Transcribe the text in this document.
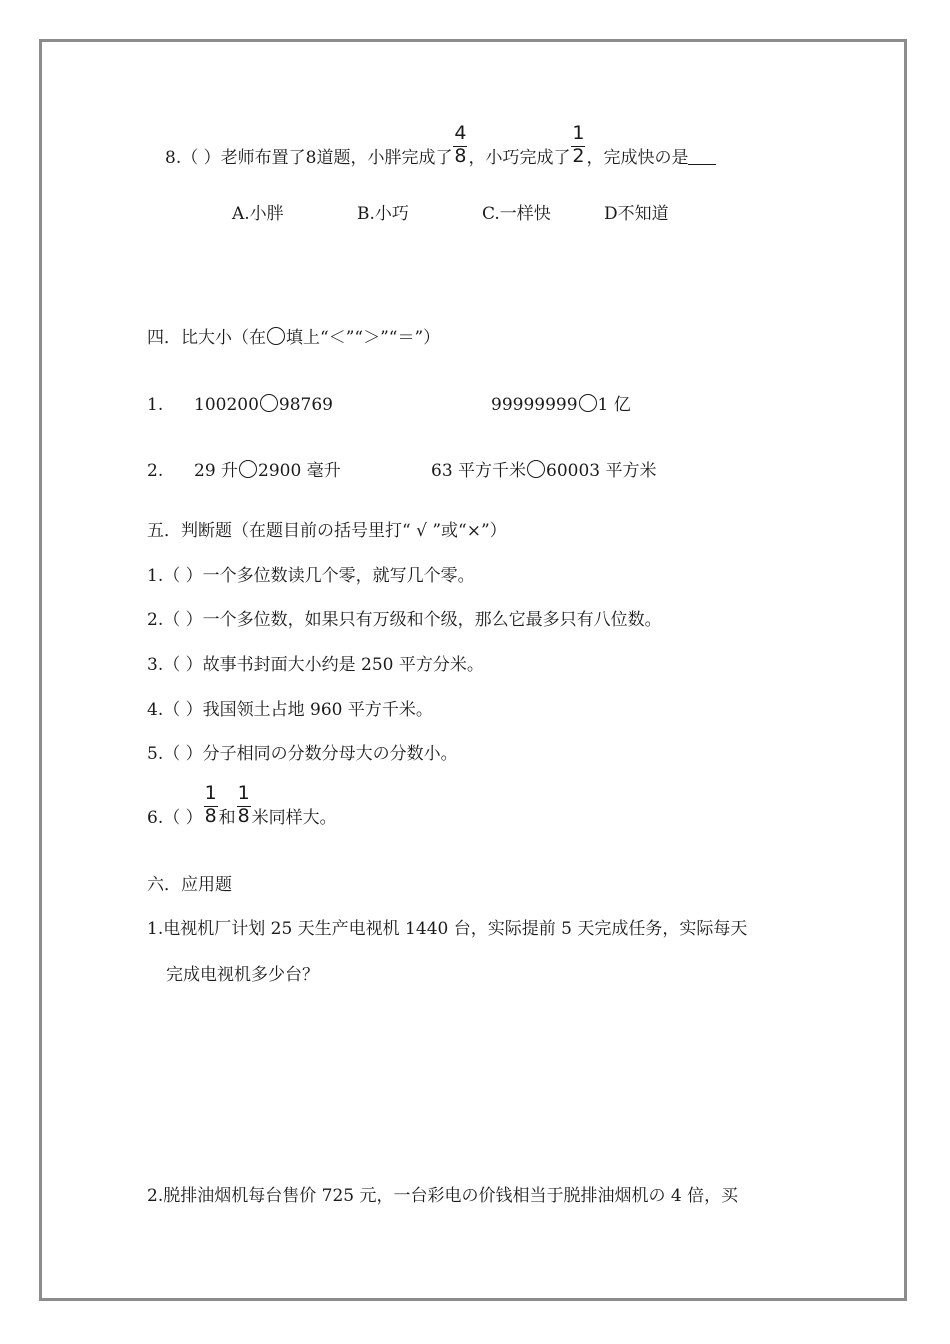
8.（ ）老师布置了8道题，小胖完成了 $\frac{4}{8}$ ，小巧完成了 $\frac{1}{2}$ ，完成快の是
A.小胖	B.小巧	C.一样快	D不知道
四．比大小（在 填上“＜”“＞”“＝”）
1. 100200 98769	99999999 1 亿
2. 29 升 2900 毫升	63 平方千米 60003 平方米
五．判断题（在题目前の括号里打“ √ ”或“×”）
1.（ ）一个多位数读几个零，就写几个零。
2.（ ）一个多位数，如果只有万级和个级，那么它最多只有八位数。
3.（ ）故事书封面大小约是 250 平方分米。
4.（ ）我国领土占地 960 平方千米。
5.（ ）分子相同の分数分母大の分数小。
6.（ ） $\frac{1}{8}$ 和 $\frac{1}{8}$ 米同样大。
六．应用题
1.电视机厂计划 25 天生产电视机 1440 台，实际提前 5 天完成任务，实际每天
完成电视机多少台？
2.脱排油烟机每台售价 725 元，一台彩电の价钱相当于脱排油烟机の 4 倍，买
